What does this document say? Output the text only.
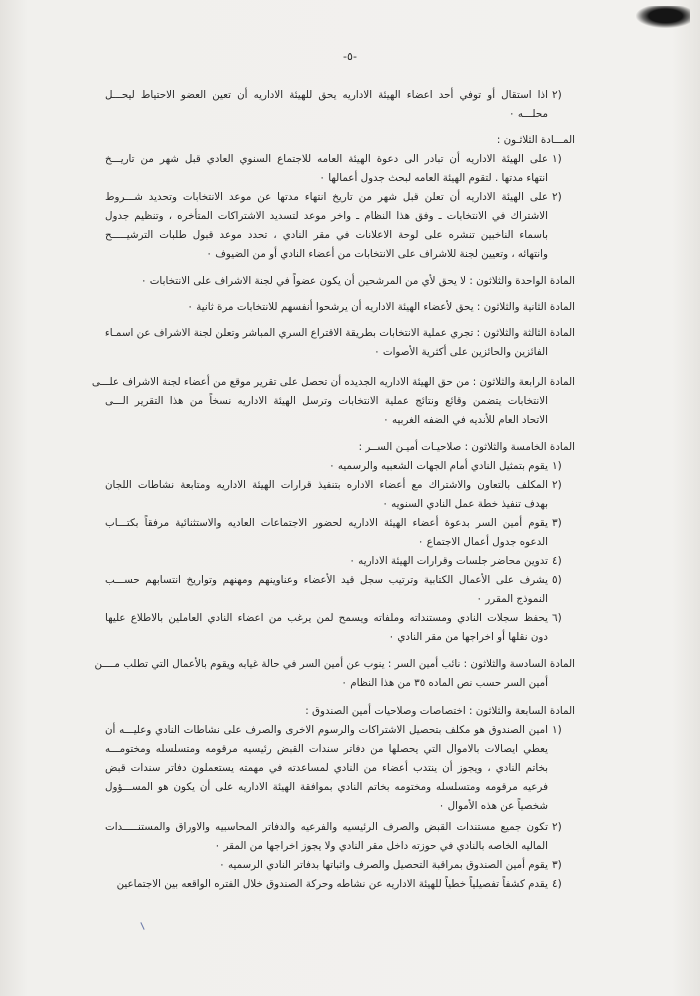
-٥-
٢ )
اذا استقال أو توفي أحد اعضاء الهيئة الاداريه يحق للهيئة الاداريه أن تعين العضو الاحتياط ليحـــل
محلـــه ٠
المـــادة الثلاثـون :
١ )
على الهيئة الاداريه أن تبادر الى دعوة الهيئة العامه للاجتماع السنوي العادي قبل شهر من تاريـــخ
انتهاء مدتها . لتقوم الهيئة العامه لبحث جدول أعمالها ٠
٢ )
على الهيئة الاداريه أن تعلن قبل شهر من تاريخ انتهاء مدتها عن موعد الانتخابات وتحديد شـــروط
الاشتراك في الانتخابات ـ وفق هذا النظام ـ واخر موعد لتسديد الاشتراكات المتأخره ، وتنظيم جدول
باسماء الناخبين تنشره على لوحة الاعلانات في مقر النادي ، تحدد موعد قبول طلبات الترشيـــــح
وانتهائه ، وتعيين لجنة للاشراف على الانتخابات من أعضاء النادي أو من الضيوف ٠
المادة الواحدة والثلاثون : لا يحق لأي من المرشحين أن يكون عضواً في لجنة الاشراف على الانتخابات ٠
المادة الثانية والثلاثون : يحق لأعضاء الهيئة الاداريه أن يرشحوا أنفسهم للانتخابات مرة ثانية ٠
المادة الثالثة والثلاثون : تجري عملية الانتخابات بطريقة الاقتراع السري المباشر وتعلن لجنة الاشراف عن اسمـاء
الفائزين والحائزين على أكثرية الأصوات ٠
المادة الرابعة والثلاثون : من حق الهيئة الاداريه الجديده أن تحصل على تقرير موقع من أعضاء لجنة الاشراف علـــى
الانتخابات يتضمن وقائع ونتائج عملية الانتخابات وترسل الهيئة الاداريه نسخاً من هذا التقرير الـــى
الاتحاد العام للأنديه في الضفه الغربيه ٠
المادة الخامسة والثلاثون : صلاحيـات أميـن الســر :
١ )
يقوم بتمثيل النادي أمام الجهات الشعبيه والرسميه ٠
٢ )
المكلف بالتعاون والاشتراك مع أعضاء الاداره بتنفيذ قرارات الهيئة الاداريه ومتابعة نشاطات اللجان
بهدف تنفيذ خطة عمل النادي السنويه ٠
٣ )
يقوم أمين السر بدعوة أعضاء الهيئة الاداريه لحضور الاجتماعات العاديه والاستثنائية مرفقاً بكتـــاب
الدعوه جدول أعمال الاجتماع ٠
٤ )
تدوين محاضر جلسات وقرارات الهيئة الاداريه ٠
٥ )
يشرف على الأعمال الكتابية وترتيب سجل قيد الأعضاء وعناوينهم ومهنهم وتواريخ انتسابهم حســـب
النموذج المقرر ٠
٦ )
يحفظ سجلات النادي ومستنداته وملفاته ويسمح لمن يرغب من اعضاء النادي العاملين بالاطلاع عليها
دون نقلها أو اخراجها من مقر النادي ٠
المادة السادسة والثلاثون : نائب أمين السر : ينوب عن أمين السر في حالة غيابه ويقوم بالأعمال التي تطلب مــــن
أمين السر حسب نص الماده ٣٥ من هذا النظام ٠
المادة السابعة والثلاثون : اختصاصات وصلاحيات أمين الصندوق :
١ )
امين الصندوق هو مكلف بتحصيل الاشتراكات والرسوم الاخرى والصرف على نشاطات النادي وعليـــه أن
يعطي ايصالات بالاموال التي يحصلها من دفاتر سندات القبض رئيسيه مرقومه ومتسلسله ومختومـــه
بخاتم النادي ، ويجوز أن ينتدب أعضاء من النادي لمساعدته في مهمته يستعملون دفاتر سندات قبض
فرعيه مرقومه ومتسلسله ومختومه بخاتم النادي بموافقة الهيئة الاداريه على أن يكون هو المســـؤول
شخصياً عن هذه الأموال ٠
٢ )
تكون جميع مستندات القبض والصرف الرئيسيه والفرعيه والدفاتر المحاسبيه والاوراق والمستنـــــدات
الماليه الخاصه بالنادي في حوزته داخل مقر النادي ولا يجوز اخراجها من المقر ٠
٣ )
يقوم أمين الصندوق بمراقبة التحصيل والصرف واثباتها بدفاتر النادي الرسميه ٠
٤ )
يقدم كشفاً تفصيلياً خطياً للهيئة الاداريه عن نشاطه وحركة الصندوق خلال الفتره الواقعه بين الاجتماعين
